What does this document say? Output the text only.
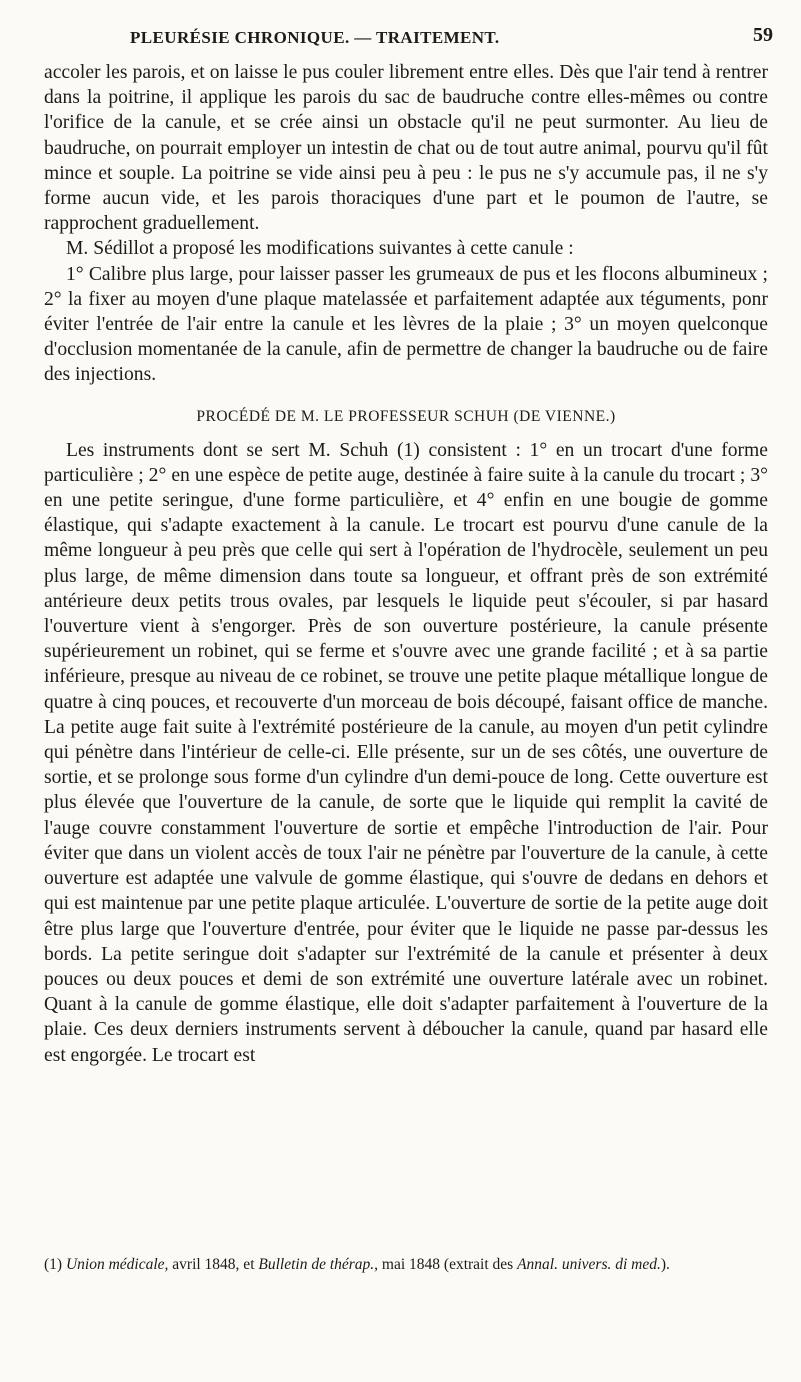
PLEURÉSIE CHRONIQUE. — TRAITEMENT.	59

accoler les parois, et on laisse le pus couler librement entre elles. Dès que l'air tend à rentrer dans la poitrine, il applique les parois du sac de baudruche contre elles-mêmes ou contre l'orifice de la canule, et se crée ainsi un obstacle qu'il ne peut surmonter. Au lieu de baudruche, on pourrait employer un intestin de chat ou de tout autre animal, pourvu qu'il fût mince et souple. La poitrine se vide ainsi peu à peu : le pus ne s'y accumule pas, il ne s'y forme aucun vide, et les parois thoraciques d'une part et le poumon de l'autre, se rapprochent graduellement.

M. Sédillot a proposé les modifications suivantes à cette canule :

1° Calibre plus large, pour laisser passer les grumeaux de pus et les flocons albumineux ; 2° la fixer au moyen d'une plaque matelassée et parfaitement adaptée aux téguments, ponr éviter l'entrée de l'air entre la canule et les lèvres de la plaie ; 3° un moyen quelconque d'occlusion momentanée de la canule, afin de permettre de changer la baudruche ou de faire des injections.

PROCÉDÉ DE M. LE PROFESSEUR SCHUH (DE VIENNE.)

Les instruments dont se sert M. Schuh (1) consistent : 1° en un trocart d'une forme particulière ; 2° en une espèce de petite auge, destinée à faire suite à la canule du trocart ; 3° en une petite seringue, d'une forme particulière, et 4° enfin en une bougie de gomme élastique, qui s'adapte exactement à la canule. Le trocart est pourvu d'une canule de la même longueur à peu près que celle qui sert à l'opération de l'hydrocèle, seulement un peu plus large, de même dimension dans toute sa longueur, et offrant près de son extrémité antérieure deux petits trous ovales, par lesquels le liquide peut s'écouler, si par hasard l'ouverture vient à s'engorger. Près de son ouverture postérieure, la canule présente supérieurement un robinet, qui se ferme et s'ouvre avec une grande facilité ; et à sa partie inférieure, presque au niveau de ce robinet, se trouve une petite plaque métallique longue de quatre à cinq pouces, et recouverte d'un morceau de bois découpé, faisant office de manche. La petite auge fait suite à l'extrémité postérieure de la canule, au moyen d'un petit cylindre qui pénètre dans l'intérieur de celle-ci. Elle présente, sur un de ses côtés, une ouverture de sortie, et se prolonge sous forme d'un cylindre d'un demi-pouce de long. Cette ouverture est plus élevée que l'ouverture de la canule, de sorte que le liquide qui remplit la cavité de l'auge couvre constamment l'ouverture de sortie et empêche l'introduction de l'air. Pour éviter que dans un violent accès de toux l'air ne pénètre par l'ouverture de la canule, à cette ouverture est adaptée une valvule de gomme élastique, qui s'ouvre de dedans en dehors et qui est maintenue par une petite plaque articulée. L'ouverture de sortie de la petite auge doit être plus large que l'ouverture d'entrée, pour éviter que le liquide ne passe par-dessus les bords. La petite seringue doit s'adapter sur l'extrémité de la canule et présenter à deux pouces ou deux pouces et demi de son extrémité une ouverture latérale avec un robinet. Quant à la canule de gomme élastique, elle doit s'adapter parfaitement à l'ouverture de la plaie. Ces deux derniers instruments servent à déboucher la canule, quand par hasard elle est engorgée. Le trocart est

(1) Union médicale, avril 1848, et Bulletin de thérap., mai 1848 (extrait des Annal. univers. di med.).
